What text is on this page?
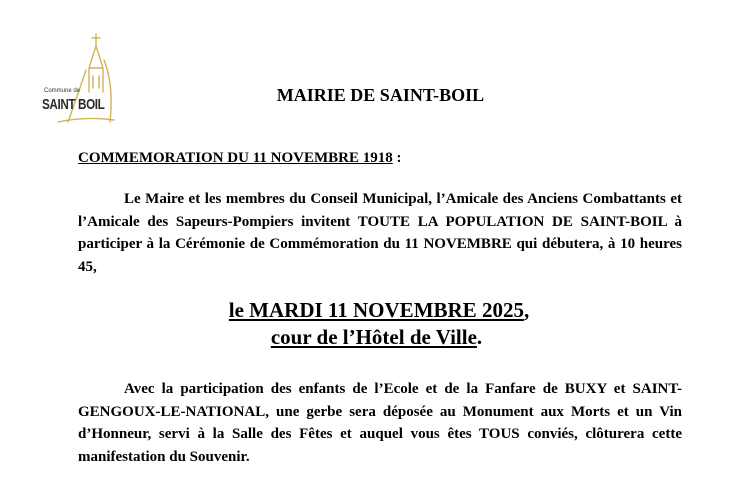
Commune de
SAINT BOIL	MAIRIE DE SAINT-BOIL
COMMEMORATION DU 11 NOVEMBRE 1918 :
Le Maire et les membres du Conseil Municipal, l’Amicale des Anciens Combattants et l’Amicale des Sapeurs-Pompiers invitent TOUTE LA POPULATION DE SAINT-BOIL à participer à la Cérémonie de Commémoration du 11 NOVEMBRE qui débutera, à 10 heures 45,
le MARDI 11 NOVEMBRE 2025,
cour de l’Hôtel de Ville.
Avec la participation des enfants de l’Ecole et de la Fanfare de BUXY et SAINT-GENGOUX-LE-NATIONAL, une gerbe sera déposée au Monument aux Morts et un Vin d’Honneur, servi à la Salle des Fêtes et auquel vous êtes TOUS conviés, clôturera cette manifestation du Souvenir.
